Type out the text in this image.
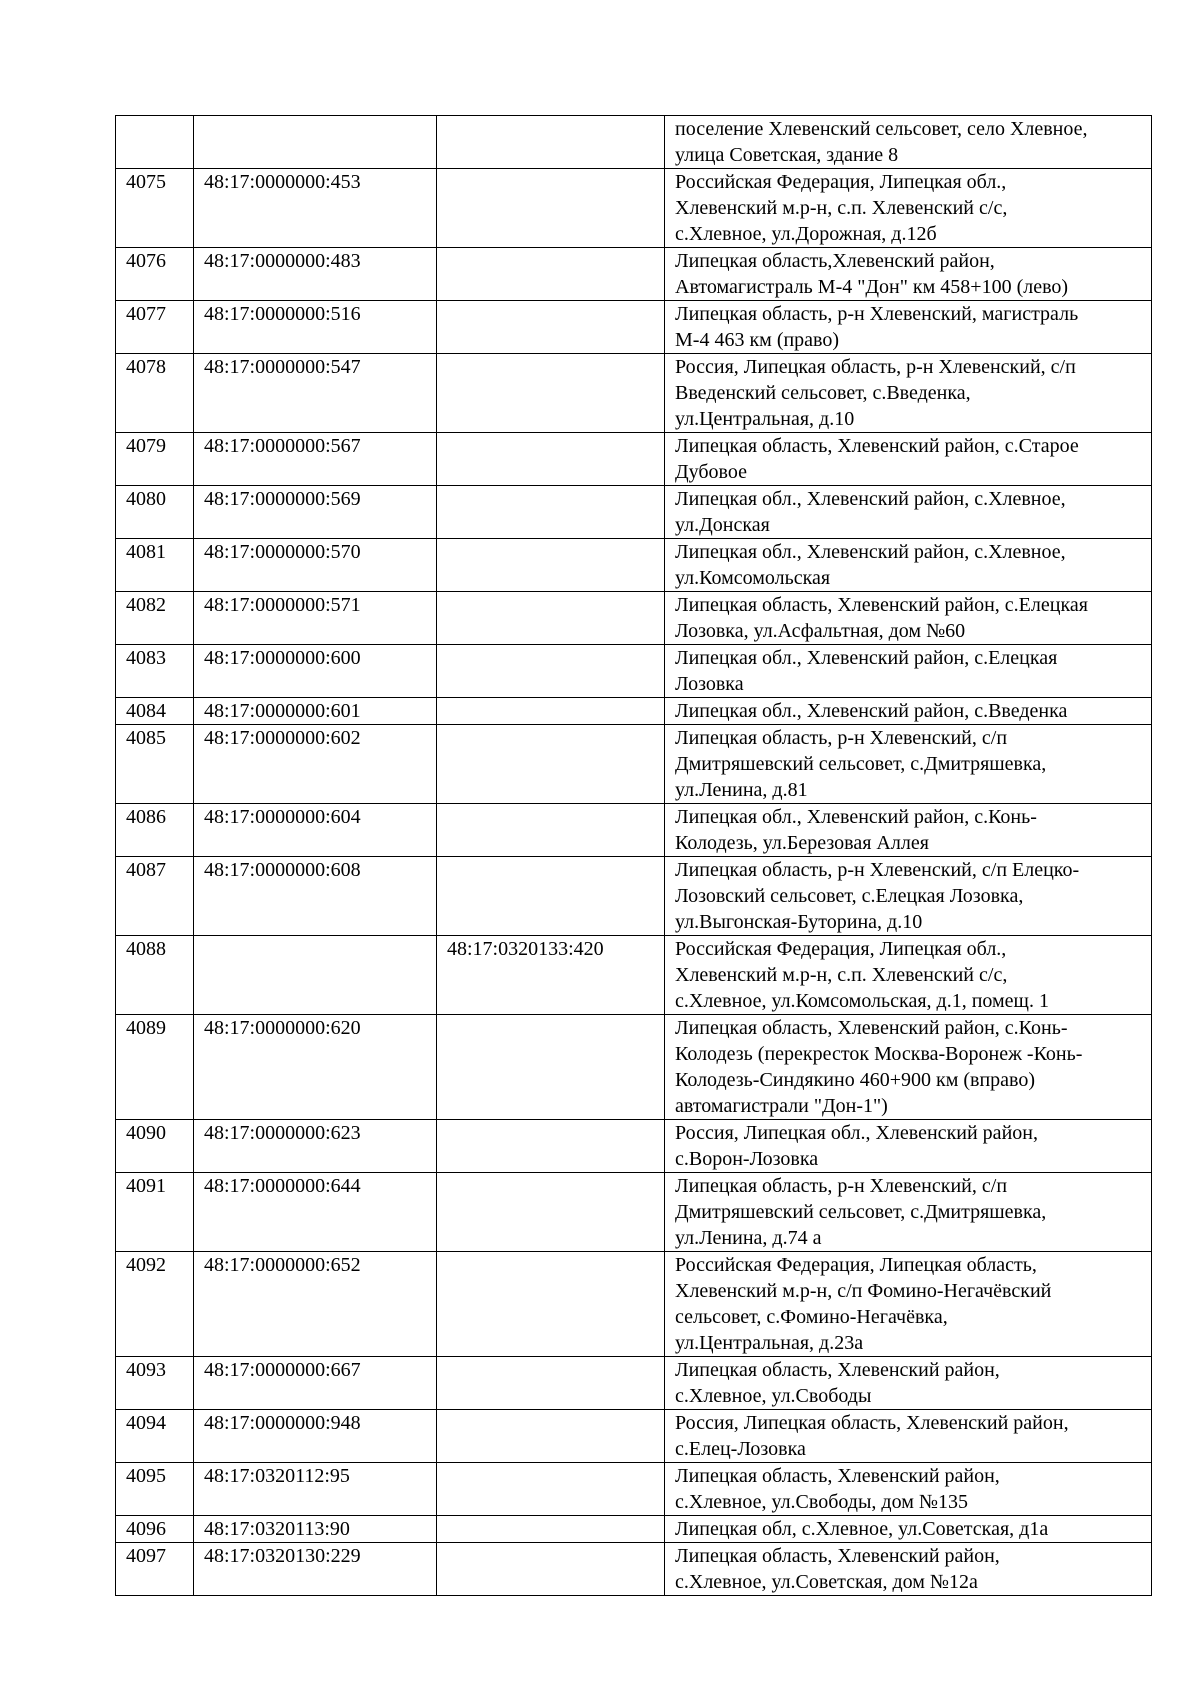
			поселение Хлевенский сельсовет, село Хлевное,
улица Советская, здание 8
4075	48:17:0000000:453		Российская Федерация, Липецкая обл.,
Хлевенский м.р-н, с.п. Хлевенский с/с,
с.Хлевное, ул.Дорожная, д.12б
4076	48:17:0000000:483		Липецкая область,Хлевенский район,
Автомагистраль М-4 "Дон" км 458+100 (лево)
4077	48:17:0000000:516		Липецкая область, р-н Хлевенский, магистраль
М-4 463 км (право)
4078	48:17:0000000:547		Россия, Липецкая область, р-н Хлевенский, с/п
Введенский сельсовет, с.Введенка,
ул.Центральная, д.10
4079	48:17:0000000:567		Липецкая область, Хлевенский район, с.Старое
Дубовое
4080	48:17:0000000:569		Липецкая обл., Хлевенский район, с.Хлевное,
ул.Донская
4081	48:17:0000000:570		Липецкая обл., Хлевенский район, с.Хлевное,
ул.Комсомольская
4082	48:17:0000000:571		Липецкая область, Хлевенский район, с.Елецкая
Лозовка, ул.Асфальтная, дом №60
4083	48:17:0000000:600		Липецкая обл., Хлевенский район, с.Елецкая
Лозовка
4084	48:17:0000000:601		Липецкая обл., Хлевенский район, с.Введенка
4085	48:17:0000000:602		Липецкая область, р-н Хлевенский, с/п
Дмитряшевский сельсовет, с.Дмитряшевка,
ул.Ленина, д.81
4086	48:17:0000000:604		Липецкая обл., Хлевенский район, с.Конь-
Колодезь, ул.Березовая Аллея
4087	48:17:0000000:608		Липецкая область, р-н Хлевенский, с/п Елецко-
Лозовский сельсовет, с.Елецкая Лозовка,
ул.Выгонская-Буторина, д.10
4088		48:17:0320133:420	Российская Федерация, Липецкая обл.,
Хлевенский м.р-н, с.п. Хлевенский с/с,
с.Хлевное, ул.Комсомольская, д.1, помещ. 1
4089	48:17:0000000:620		Липецкая область, Хлевенский район, с.Конь-
Колодезь (перекресток Москва-Воронеж -Конь-
Колодезь-Синдякино 460+900 км (вправо)
автомагистрали "Дон-1")
4090	48:17:0000000:623		Россия, Липецкая обл., Хлевенский район,
с.Ворон-Лозовка
4091	48:17:0000000:644		Липецкая область, р-н Хлевенский, с/п
Дмитряшевский сельсовет, с.Дмитряшевка,
ул.Ленина, д.74 а
4092	48:17:0000000:652		Российская Федерация, Липецкая область,
Хлевенский м.р-н, с/п Фомино-Негачёвский
сельсовет, с.Фомино-Негачёвка,
ул.Центральная, д.23а
4093	48:17:0000000:667		Липецкая область, Хлевенский район,
с.Хлевное, ул.Свободы
4094	48:17:0000000:948		Россия, Липецкая область, Хлевенский район,
с.Елец-Лозовка
4095	48:17:0320112:95		Липецкая область, Хлевенский район,
с.Хлевное, ул.Свободы, дом №135
4096	48:17:0320113:90		Липецкая обл, с.Хлевное, ул.Советская, д1а
4097	48:17:0320130:229		Липецкая область, Хлевенский район,
с.Хлевное, ул.Советская, дом №12а
